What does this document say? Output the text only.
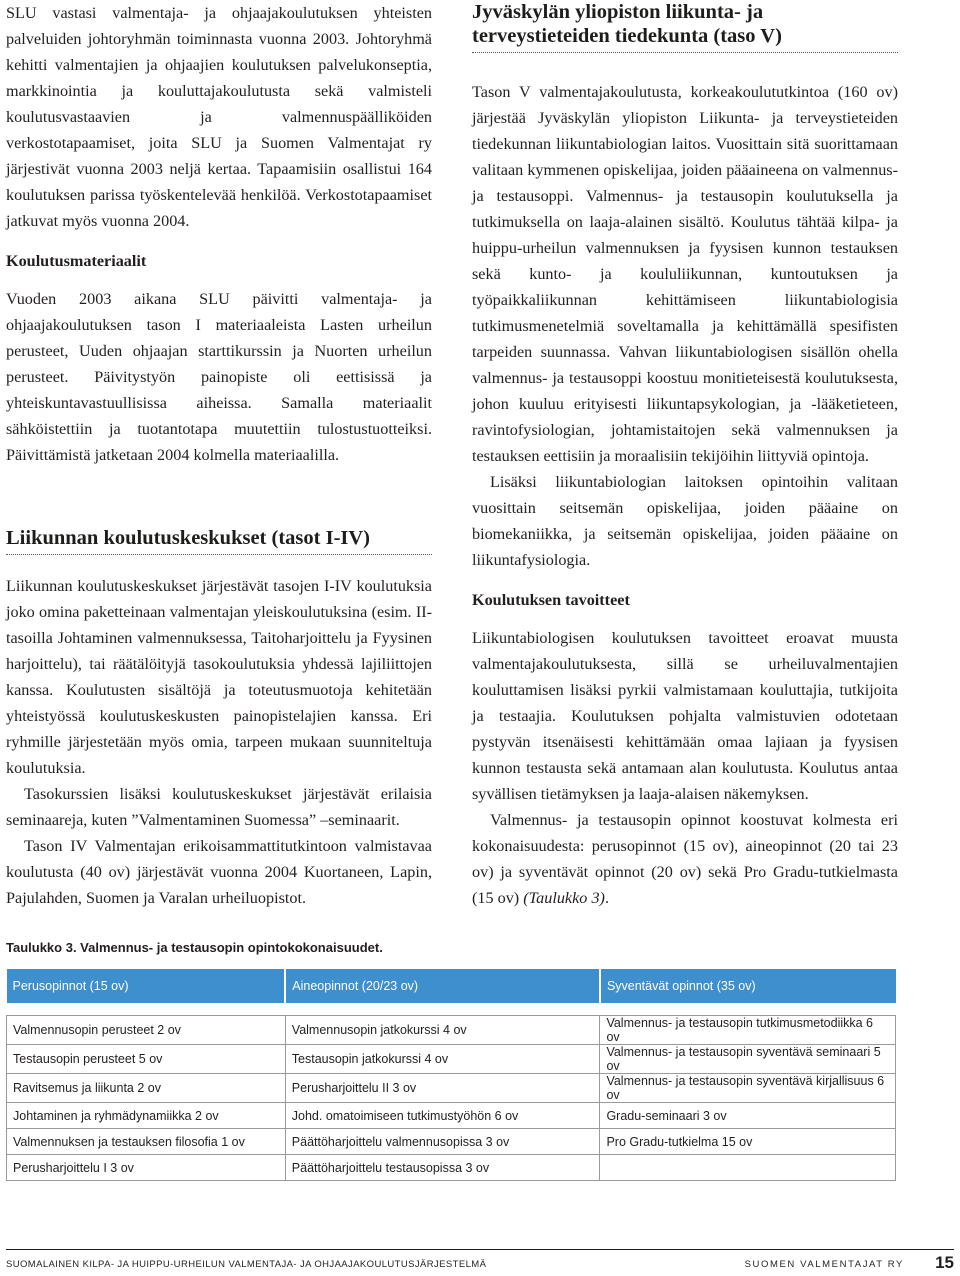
SLU vastasi valmentaja- ja ohjaajakoulutuksen yhteisten palveluiden johtoryhmän toiminnasta vuonna 2003. Johtoryhmä kehitti valmentajien ja ohjaajien koulutuksen palvelukonseptia, markkinointia ja kouluttajakoulutusta sekä valmisteli koulutusvastaavien ja valmennuspäälliköiden verkostotapaamiset, joita SLU ja Suomen Valmentajat ry järjestivät vuonna 2003 neljä kertaa. Tapaamisiin osallistui 164 koulutuksen parissa työskentelevää henkilöä. Verkostotapaamiset jatkuvat myös vuonna 2004.

Koulutusmateriaalit

Vuoden 2003 aikana SLU päivitti valmentaja- ja ohjaajakoulutuksen tason I materiaaleista Lasten urheilun perusteet, Uuden ohjaajan starttikurssin ja Nuorten urheilun perusteet. Päivitystyön painopiste oli eettisissä ja yhteiskuntavastuullisissa aiheissa. Samalla materiaalit sähköistettiin ja tuotantotapa muutettiin tulostustuotteiksi. Päivittämistä jatketaan 2004 kolmella materiaalilla.

Liikunnan koulutuskeskukset (tasot I-IV)

Liikunnan koulutuskeskukset järjestävät tasojen I-IV koulutuksia joko omina paketteinaan valmentajan yleiskoulutuksina (esim. II-tasoilla Johtaminen valmennuksessa, Taitoharjoittelu ja Fyysinen harjoittelu), tai räätälöityjä tasokoulutuksia yhdessä lajiliittojen kanssa. Koulutusten sisältöjä ja toteutusmuotoja kehitetään yhteistyössä koulutuskeskusten painopistelajien kanssa. Eri ryhmille järjestetään myös omia, tarpeen mukaan suunniteltuja koulutuksia.

Tasokurssien lisäksi koulutuskeskukset järjestävät erilaisia seminaareja, kuten ”Valmentaminen Suomessa” –seminaarit.

Tason IV Valmentajan erikoisammattitutkintoon valmistavaa koulutusta (40 ov) järjestävät vuonna 2004 Kuortaneen, Lapin, Pajulahden, Suomen ja Varalan urheiluopistot.

Jyväskylän yliopiston liikunta- ja terveystieteiden tiedekunta (taso V)

Tason V valmentajakoulutusta, korkeakoulututkintoa (160 ov) järjestää Jyväskylän yliopiston Liikunta- ja terveystieteiden tiedekunnan liikuntabiologian laitos. Vuosittain sitä suorittamaan valitaan kymmenen opiskelijaa, joiden pääaineena on valmennus- ja testausoppi. Valmennus- ja testausopin koulutuksella ja tutkimuksella on laaja-alainen sisältö. Koulutus tähtää kilpa- ja huippu-urheilun valmennuksen ja fyysisen kunnon testauksen sekä kunto- ja koululiikunnan, kuntoutuksen ja työpaikkaliikunnan kehittämiseen liikuntabiologisia tutkimusmenetelmiä soveltamalla ja kehittämällä spesifisten tarpeiden suunnassa. Vahvan liikuntabiologisen sisällön ohella valmennus- ja testausoppi koostuu monitieteisestä koulutuksesta, johon kuuluu erityisesti liikuntapsykologian, ja -lääketieteen, ravintofysiologian, johtamistaitojen sekä valmennuksen ja testauksen eettisiin ja moraalisiin tekijöihin liittyviä opintoja.

Lisäksi liikuntabiologian laitoksen opintoihin valitaan vuosittain seitsemän opiskelijaa, joiden pääaine on biomekaniikka, ja seitsemän opiskelijaa, joiden pääaine on liikuntafysiologia.

Koulutuksen tavoitteet

Liikuntabiologisen koulutuksen tavoitteet eroavat muusta valmentajakoulutuksesta, sillä se urheiluvalmentajien kouluttamisen lisäksi pyrkii valmistamaan kouluttajia, tutkijoita ja testaajia. Koulutuksen pohjalta valmistuvien odotetaan pystyvän itsenäisesti kehittämään omaa lajiaan ja fyysisen kunnon testausta sekä antamaan alan koulutusta. Koulutus antaa syvällisen tietämyksen ja laaja-alaisen näkemyksen.

Valmennus- ja testausopin opinnot koostuvat kolmesta eri kokonaisuudesta: perusopinnot (15 ov), aineopinnot (20 tai 23 ov) ja syventävät opinnot (20 ov) sekä Pro Gradu-tutkielmasta (15 ov) (Taulukko 3).

Taulukko 3. Valmennus- ja testausopin opintokokonaisuudet.
Perusopinnot (15 ov)	Aineopinnot (20/23 ov)	Syventävät opinnot (35 ov)

Valmennusopin perusteet 2 ov	Valmennusopin jatkokurssi 4 ov	Valmennus- ja testausopin tutkimusmetodiikka 6 ov
Testausopin perusteet 5 ov	Testausopin jatkokurssi 4 ov	Valmennus- ja testausopin syventävä seminaari 5 ov
Ravitsemus ja liikunta 2 ov	Perusharjoittelu II 3 ov	Valmennus- ja testausopin syventävä kirjallisuus 6 ov
Johtaminen ja ryhmädynamiikka 2 ov	Johd. omatoimiseen tutkimustyöhön 6 ov	Gradu-seminaari 3 ov
Valmennuksen ja testauksen filosofia 1 ov	Päättöharjoittelu valmennusopissa 3 ov	Pro Gradu-tutkielma 15 ov
Perusharjoittelu I 3 ov	Päättöharjoittelu testausopissa 3 ov	
SUOMALAINEN KILPA- JA HUIPPU-URHEILUN VALMENTAJA- JA OHJAAJAKOULUTUSJÄRJESTELMÄ	SUOMEN VALMENTAJAT RY 15
